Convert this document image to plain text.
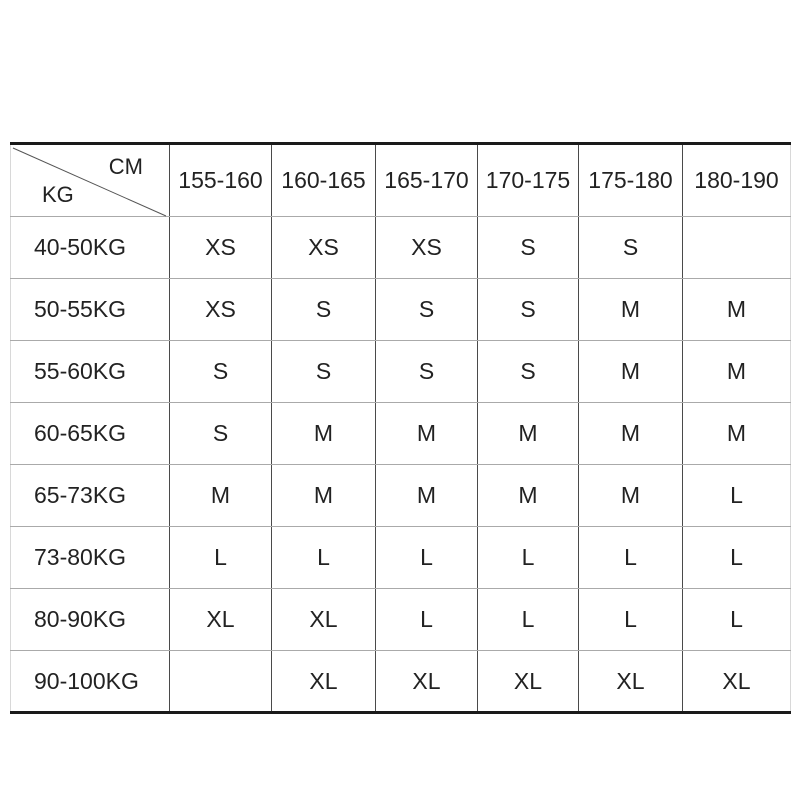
CM
KG	155-160	160-165	165-170	170-175	175-180	180-190
40-50KG	XS	XS	XS	S	S	
50-55KG	XS	S	S	S	M	M
55-60KG	S	S	S	S	M	M
60-65KG	S	M	M	M	M	M
65-73KG	M	M	M	M	M	L
73-80KG	L	L	L	L	L	L
80-90KG	XL	XL	L	L	L	L
90-100KG		XL	XL	XL	XL	XL
